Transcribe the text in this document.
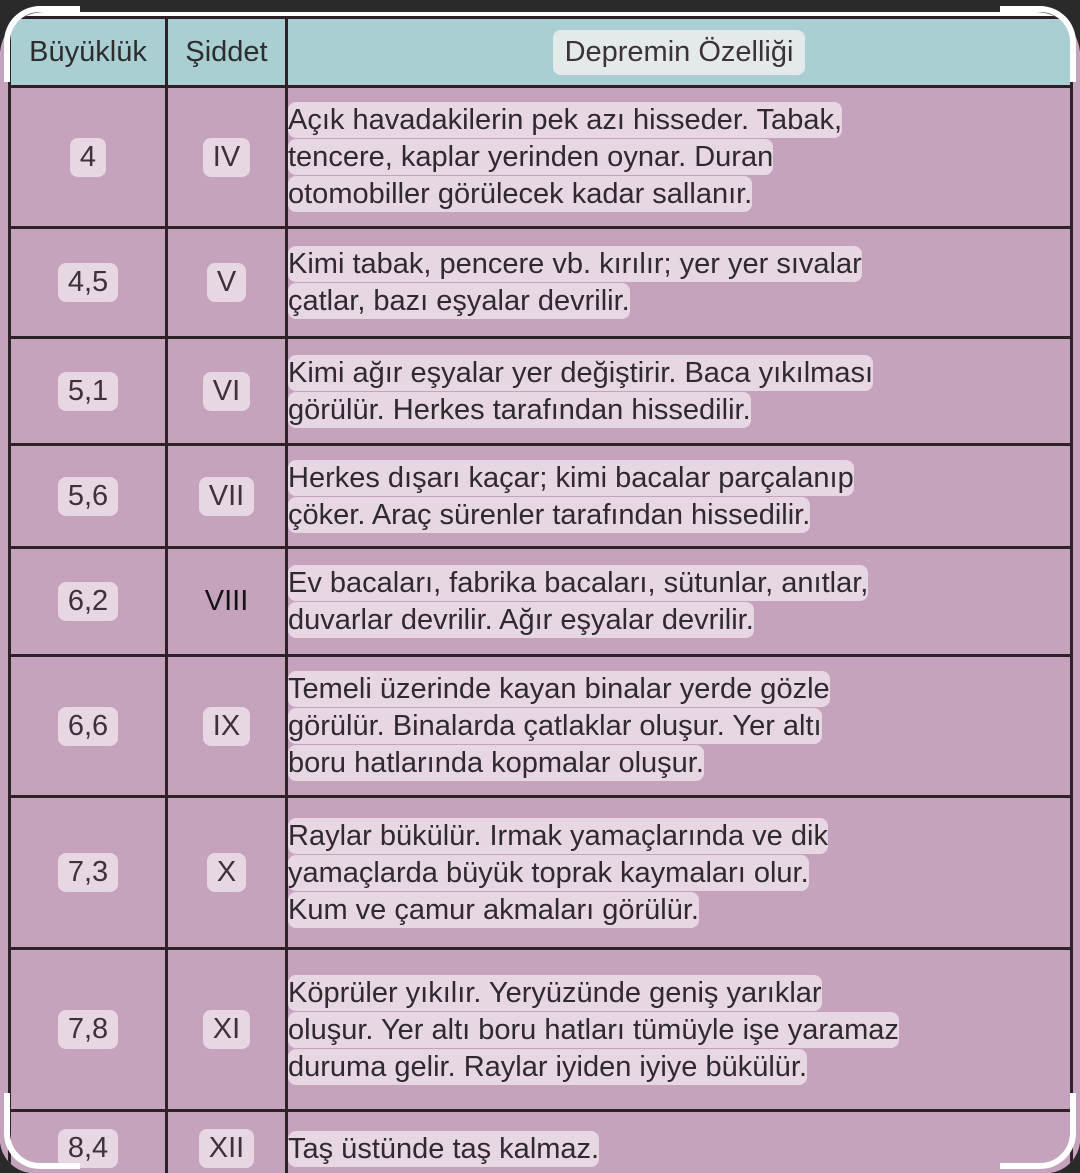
Büyüklük	Şiddet	Depremin Özelliği
4	IV	Açık havadakilerin pek azı hisseder. Tabak,
tencere, kaplar yerinden oynar. Duran
otomobiller görülecek kadar sallanır.

4,5	V	Kimi tabak, pencere vb. kırılır; yer yer sıvalar
çatlar, bazı eşyalar devrilir.

5,1	VI	Kimi ağır eşyalar yer değiştirir. Baca yıkılması
görülür. Herkes tarafından hissedilir.

5,6	VII	Herkes dışarı kaçar; kimi bacalar parçalanıp
çöker. Araç sürenler tarafından hissedilir.

6,2	VIII	Ev bacaları, fabrika bacaları, sütunlar, anıtlar,
duvarlar devrilir. Ağır eşyalar devrilir.

6,6	IX	Temeli üzerinde kayan binalar yerde gözle
görülür. Binalarda çatlaklar oluşur. Yer altı
boru hatlarında kopmalar oluşur.

7,3	X	Raylar bükülür. Irmak yamaçlarında ve dik
yamaçlarda büyük toprak kaymaları olur.
Kum ve çamur akmaları görülür.

7,8	XI	Köprüler yıkılır. Yeryüzünde geniş yarıklar
oluşur. Yer altı boru hatları tümüyle işe yaramaz
duruma gelir. Raylar iyiden iyiye bükülür.

8,4	XII	Taş üstünde taş kalmaz.
